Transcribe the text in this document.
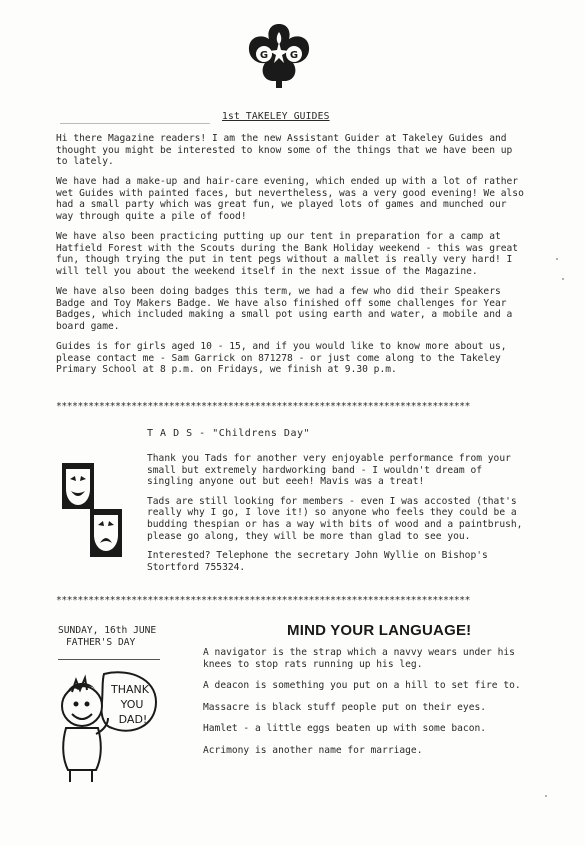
G G
1st TAKELEY GUIDES

Hi there Magazine readers! I am the new Assistant Guider at Takeley Guides and thought you might be interested to know some of the things that we have been up to lately.

We have had a make-up and hair-care evening, which ended up with a lot of rather wet Guides with painted faces, but nevertheless, was a very good evening! We also had a small party which was great fun, we played lots of games and munched our way through quite a pile of food!

We have also been practicing putting up our tent in preparation for a camp at Hatfield Forest with the Scouts during the Bank Holiday weekend - this was great fun, though trying the put in tent pegs without a mallet is really very hard! I will tell you about the weekend itself in the next issue of the Magazine.

We have also been doing badges this term, we had a few who did their Speakers Badge and Toy Makers Badge. We have also finished off some challenges for Year Badges, which included making a small pot using earth and water, a mobile and a board game.

Guides is for girls aged 10 - 15, and if you would like to know more about us, please contact me - Sam Garrick on 871278 - or just come along to the Takeley Primary School at 8 p.m. on Fridays, we finish at 9.30 p.m.

*****************************************************************************
T A D S - "Childrens Day"

Thank you Tads for another very enjoyable performance from your small but extremely hardworking band - I wouldn't dream of singling anyone out but eeeh! Mavis was a treat!

Tads are still looking for members - even I was accosted (that's really why I go, I love it!) so anyone who feels they could be a budding thespian or has a way with bits of wood and a paintbrush, please go along, they will be more than glad to see you.

Interested? Telephone the secretary John Wyllie on Bishop's Stortford 755324.

*****************************************************************************
SUNDAY, 16th JUNE
FATHER'S DAY
THANK
YOU
DAD!
MIND YOUR LANGUAGE!

A navigator is the strap which a navvy wears under his knees to stop rats running up his leg.

A deacon is something you put on a hill to set fire to.

Massacre is black stuff people put on their eyes.

Hamlet - a little eggs beaten up with some bacon.

Acrimony is another name for marriage.
